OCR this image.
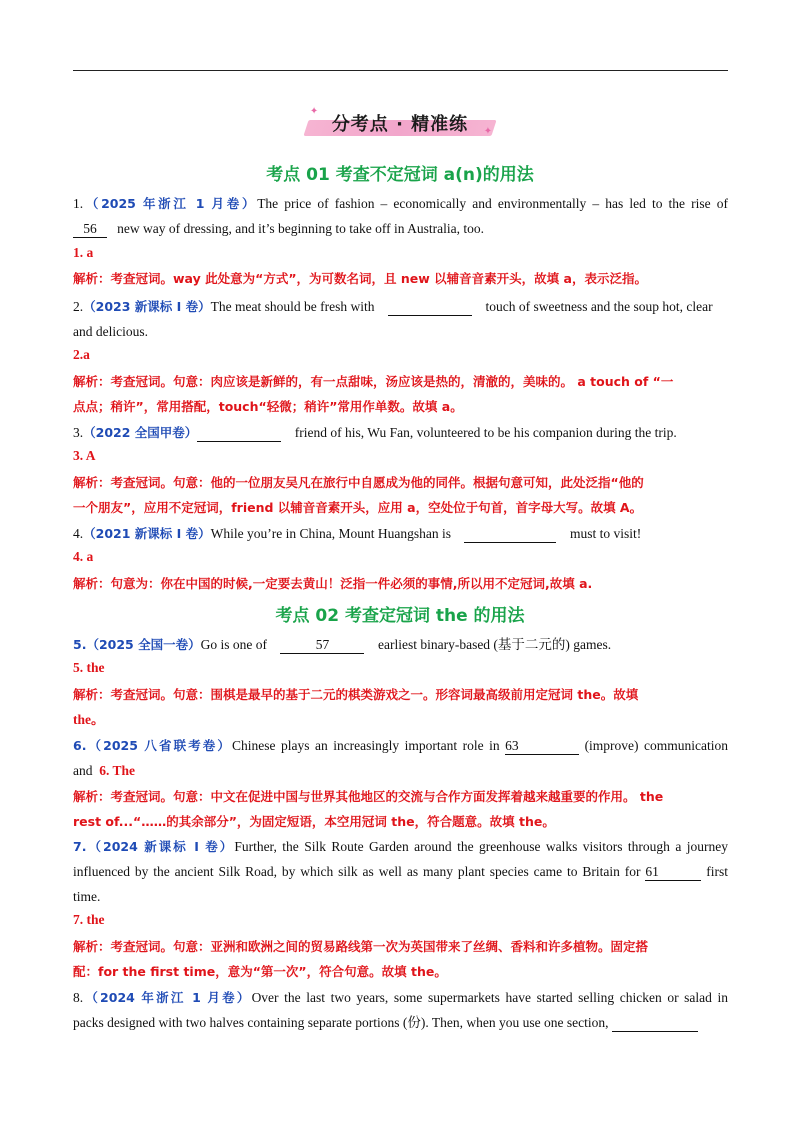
✦
✦
分考点 · 精准练
考点 01 考查不定冠词 a(n)的用法
1.（2025 年浙江 1 月卷）The price of fashion – economically and environmentally – has led to the rise of
56 new way of dressing, and it’s beginning to take off in Australia, too.
1. a
解析：考查冠词。way 此处意为“方式”，为可数名词，且 new 以辅音音素开头，故填 a，表示泛指。
2.（2023 新课标 I 卷）The meat should be fresh with	touch of sweetness and the soup hot, clear
and delicious.
2.a
解析：考查冠词。句意：肉应该是新鲜的，有一点甜味，汤应该是热的，清澈的，美味的。 a touch of “一
点点；稍许”，常用搭配，touch“轻微；稍许”常用作单数。故填 a。
3.（2022 全国甲卷）	friend of his, Wu Fan, volunteered to be his companion during the trip.
3. A
解析：考查冠词。句意：他的一位朋友吴凡在旅行中自愿成为他的同伴。根据句意可知，此处泛指“他的
一个朋友”，应用不定冠词，friend 以辅音音素开头，应用 a，空处位于句首，首字母大写。故填 A。
4.（2021 新课标 I 卷）While you’re in China, Mount Huangshan is	must to visit!
4. a
解析：句意为：你在中国的时候,一定要去黄山！泛指一件必须的事情,所以用不定冠词,故填 a.
考点 02 考查定冠词 the 的用法
5.（2025 全国一卷）Go is one of	57	earliest binary-based (基于二元的) games.
5. the
解析：考查冠词。句意：围棋是最早的基于二元的棋类游戏之一。形容词最高级前用定冠词 the。故填
the。
6.（2025 八省联考卷）Chinese plays an increasingly important role in 63	(improve) communication
and 6. The
解析：考查冠词。句意：中文在促进中国与世界其他地区的交流与合作方面发挥着越来越重要的作用。 the
rest of...“……的其余部分”，为固定短语，本空用冠词 the，符合题意。故填 the。
7.（2024 新课标 I 卷）Further, the Silk Route Garden around the greenhouse walks visitors through a journey
influenced by the ancient Silk Road, by which silk as well as many plant species came to Britain for 61	first
time.
7. the
解析：考查冠词。句意：亚洲和欧洲之间的贸易路线第一次为英国带来了丝绸、香料和许多植物。固定搭
配：for the first time，意为“第一次”，符合句意。故填 the。
8.（2024 年浙江 1 月卷）Over the last two years, some supermarkets have started selling chicken or salad in
packs designed with two halves containing separate portions (份). Then, when you use one section,
